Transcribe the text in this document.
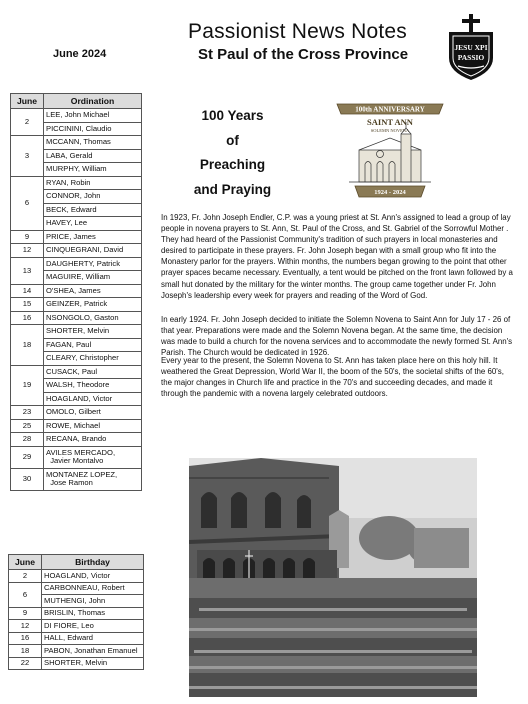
Passionist News Notes
St Paul of the Cross Province
June 2024
JESU XPI
PASSIO
June	Ordination
2	LEE, John Michael
	PICCININI, Claudio
3	MCCANN, Thomas
	LABA, Gerald
	MURPHY, William
6	RYAN, Robin
	CONNOR, John
	BECK, Edward
	HAVEY, Lee
9	PRICE, James
12	CINQUEGRANI, David
13	DAUGHERTY, Patrick
	MAGUIRE, William
14	O'SHEA, James
15	GEINZER, Patrick
16	NSONGOLO, Gaston
18	SHORTER, Melvin
	FAGAN, Paul
	CLEARY, Christopher
19	CUSACK, Paul
	WALSH, Theodore
	HOAGLAND, Victor
23	OMOLO, Gilbert
25	ROWE, Michael
28	RECANA, Brando
29	AVILES MERCADO,
Javier Montalvo

30	MONTANEZ LOPEZ,
Jose Ramon
June	Birthday
2	HOAGLAND, Victor
6	CARBONNEAU, Robert
	MUTHENGI, John
9	BRISLIN, Thomas
12	DI FIORE, Leo
16	HALL, Edward
18	PABON, Jonathan Emanuel
22	SHORTER, Melvin
100 Years
of
Preaching
and Praying
100th ANNIVERSARY
SAINT ANN
SOLEMN NOVENA
1924 - 2024
In 1923, Fr. John Joseph Endler, C.P. was a young priest at St. Ann's assigned to lead a group of lay people in novena prayers to St. Ann, St. Paul of the Cross, and St. Gabriel of the Sorrowful Mother . They had heard of the Passionist Community's tradition of such prayers in local monasteries and desired to participate in these prayers. Fr. John Joseph began with a small group who fit into the Monastery parlor for the prayers. Within months, the numbers began growing to the point that other prayer spaces became necessary. Eventually, a tent would be pitched on the front lawn followed by a small hut donated by the military for the winter months. The group came together under Fr. John Joseph's leadership every week for prayers and reading of the Word of God.
In early 1924. Fr. John Joseph decided to initiate the Solemn Novena to Saint Ann for July 17 - 26 of that year. Preparations were made and the Solemn Novena began. At the same time, the decision was made to build a church for the novena services and to accommodate the newly formed St. Ann's Parish. The Church would be dedicated in 1926.
Every year to the present, the Solemn Novena to St. Ann has taken place here on this holy hill. It weathered the Great Depression, World War II, the boom of the 50's, the societal shifts of the 60's, the major changes in Church life and practice in the 70's and succeeding decades, and made it through the pandemic with a novena largely celebrated outdoors.
